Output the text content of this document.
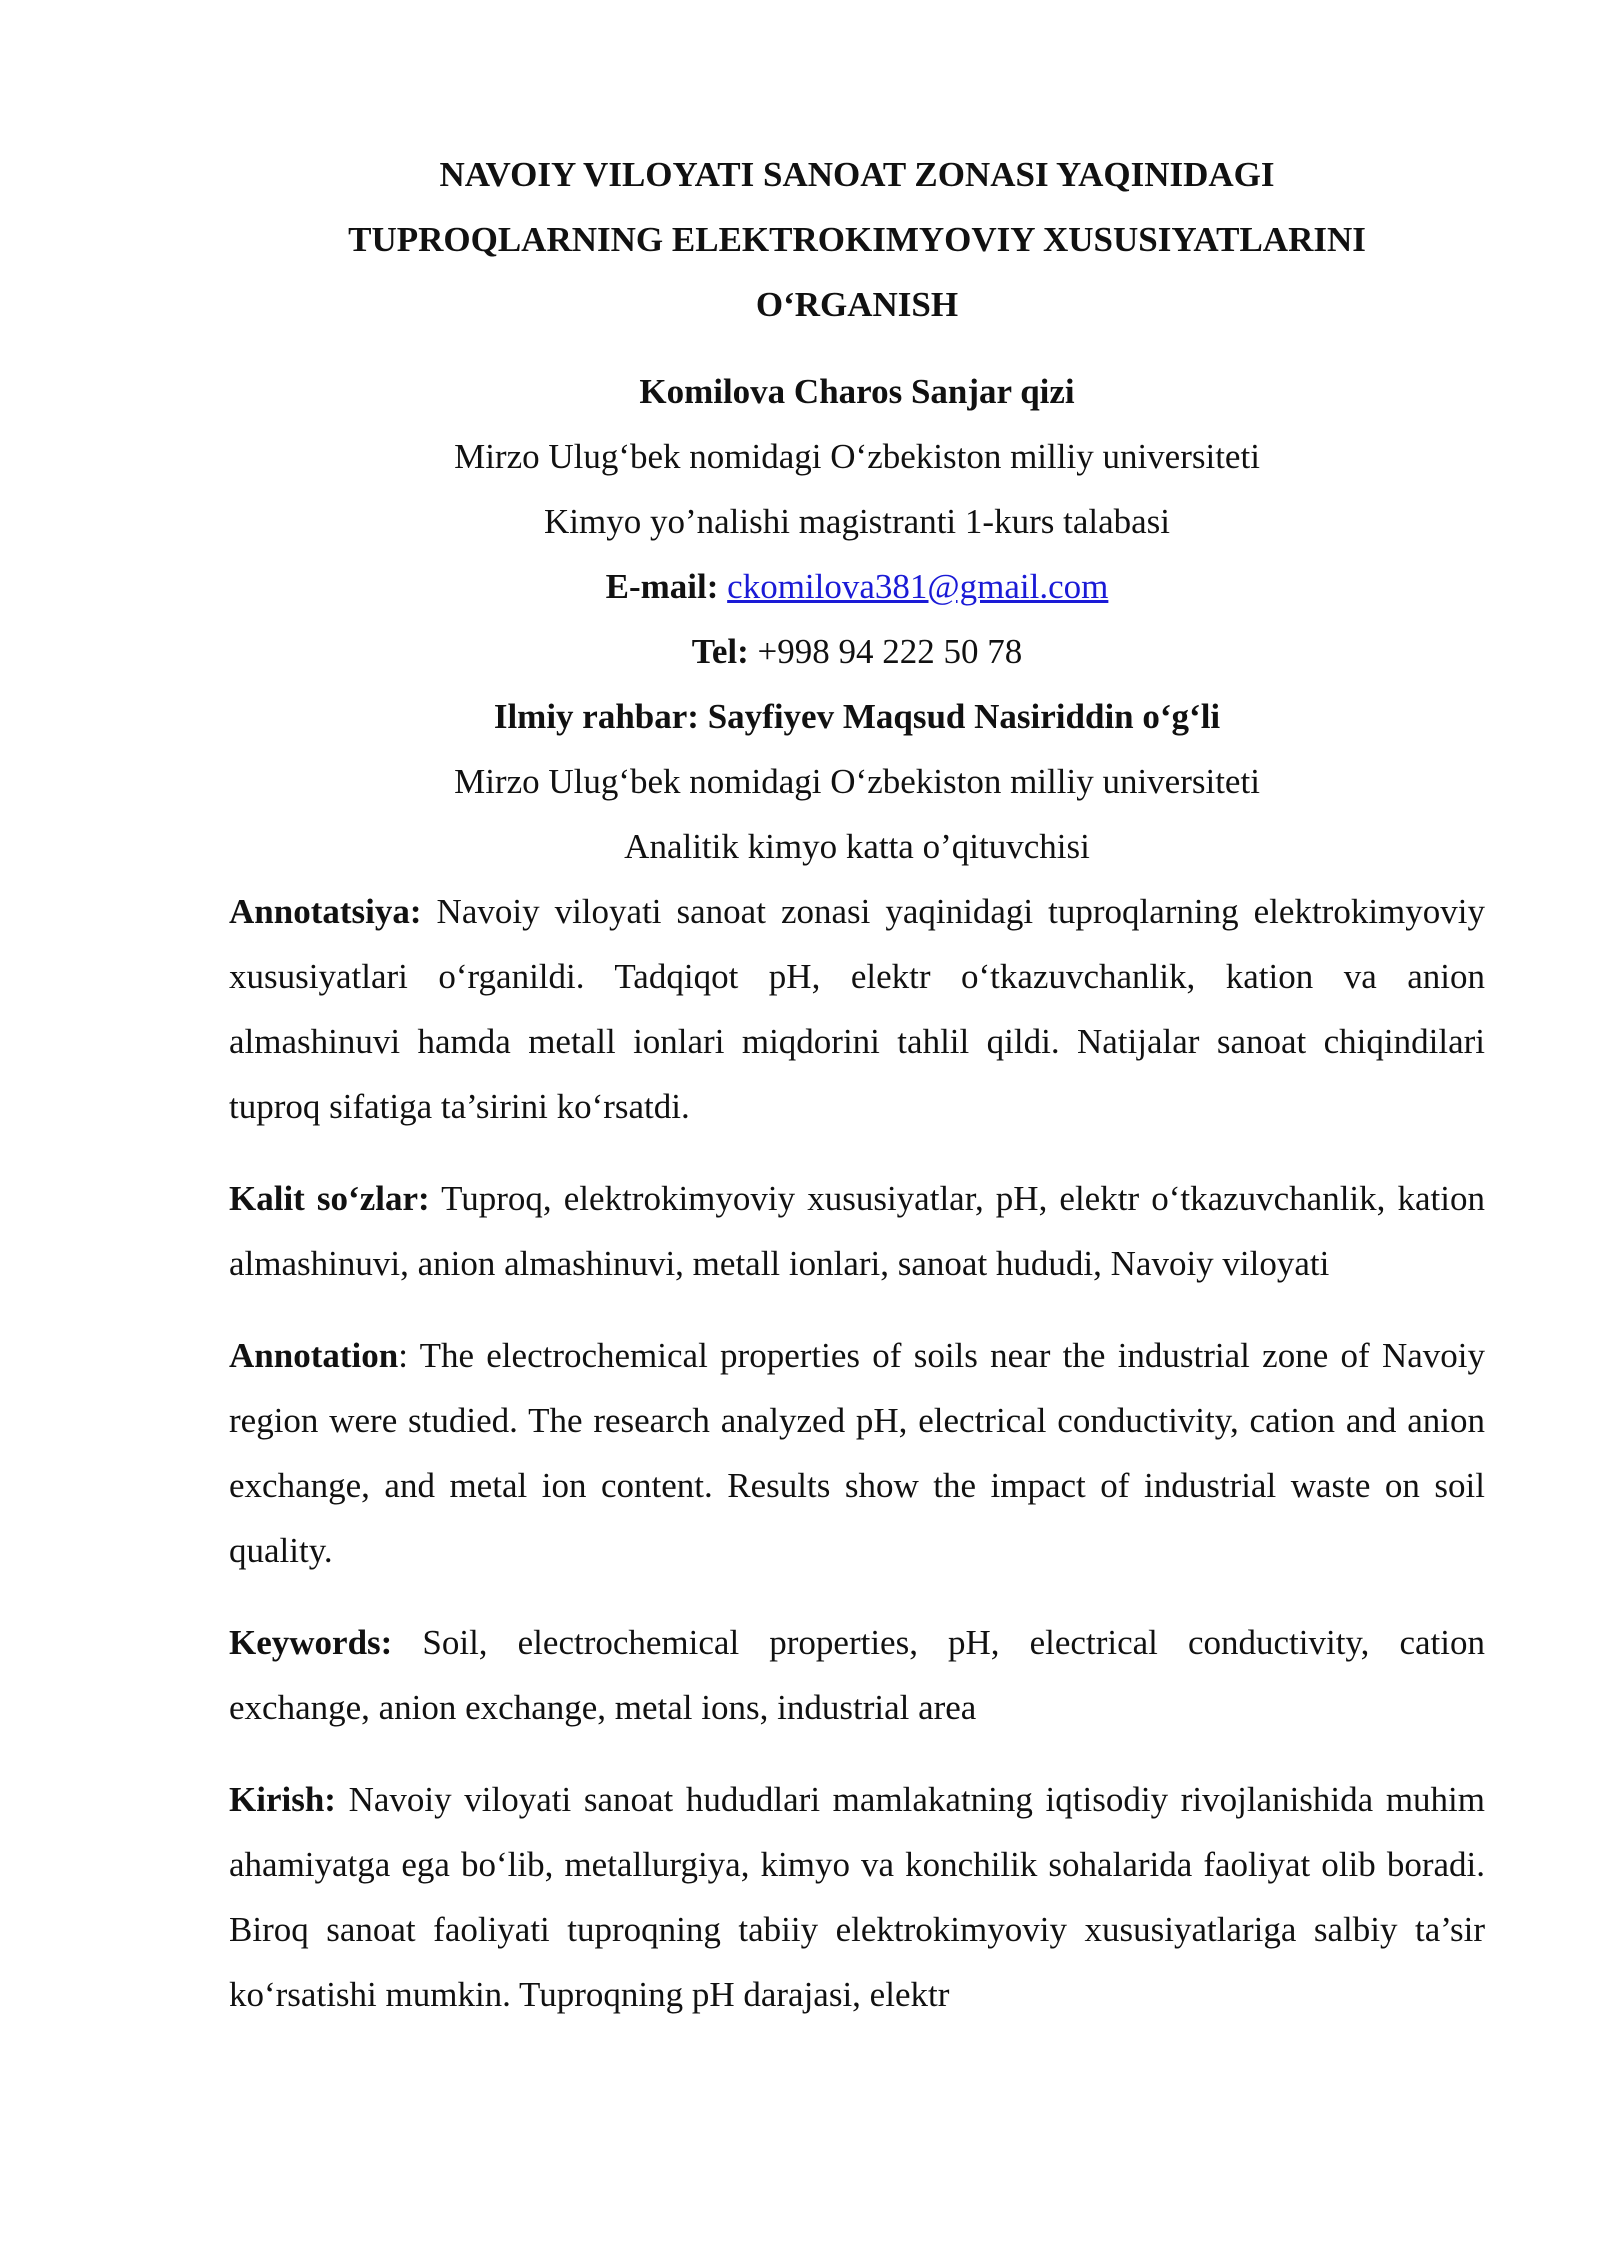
NAVOIY VILOYATI SANOAT ZONASI YAQINIDAGI

TUPROQLARNING ELEKTROKIMYOVIY XUSUSIYATLARINI

O‘RGANISH

Komilova Charos Sanjar qizi

Mirzo Ulug‘bek nomidagi O‘zbekiston milliy universiteti

Kimyo yo’nalishi magistranti 1-kurs talabasi

E-mail: ckomilova381@gmail.com

Tel: +998 94 222 50 78

Ilmiy rahbar: Sayfiyev Maqsud Nasiriddin o‘g‘li

Mirzo Ulug‘bek nomidagi O‘zbekiston milliy universiteti

Analitik kimyo katta o’qituvchisi

Annotatsiya: Navoiy viloyati sanoat zonasi yaqinidagi tuproqlarning elektrokimyoviy xususiyatlari o‘rganildi. Tadqiqot pH, elektr o‘tkazuvchanlik, kation va anion almashinuvi hamda metall ionlari miqdorini tahlil qildi. Natijalar sanoat chiqindilari tuproq sifatiga ta’sirini ko‘rsatdi.

Kalit so‘zlar: Tuproq, elektrokimyoviy xususiyatlar, pH, elektr o‘tkazuvchanlik, kation almashinuvi, anion almashinuvi, metall ionlari, sanoat hududi, Navoiy viloyati

Annotation: The electrochemical properties of soils near the industrial zone of Navoiy region were studied. The research analyzed pH, electrical conductivity, cation and anion exchange, and metal ion content. Results show the impact of industrial waste on soil quality.

Keywords: Soil, electrochemical properties, pH, electrical conductivity, cation exchange, anion exchange, metal ions, industrial area

Kirish: Navoiy viloyati sanoat hududlari mamlakatning iqtisodiy rivojlanishida muhim ahamiyatga ega bo‘lib, metallurgiya, kimyo va konchilik sohalarida faoliyat olib boradi. Biroq sanoat faoliyati tuproqning tabiiy elektrokimyoviy xususiyatlariga salbiy ta’sir ko‘rsatishi mumkin. Tuproqning pH darajasi, elektr
